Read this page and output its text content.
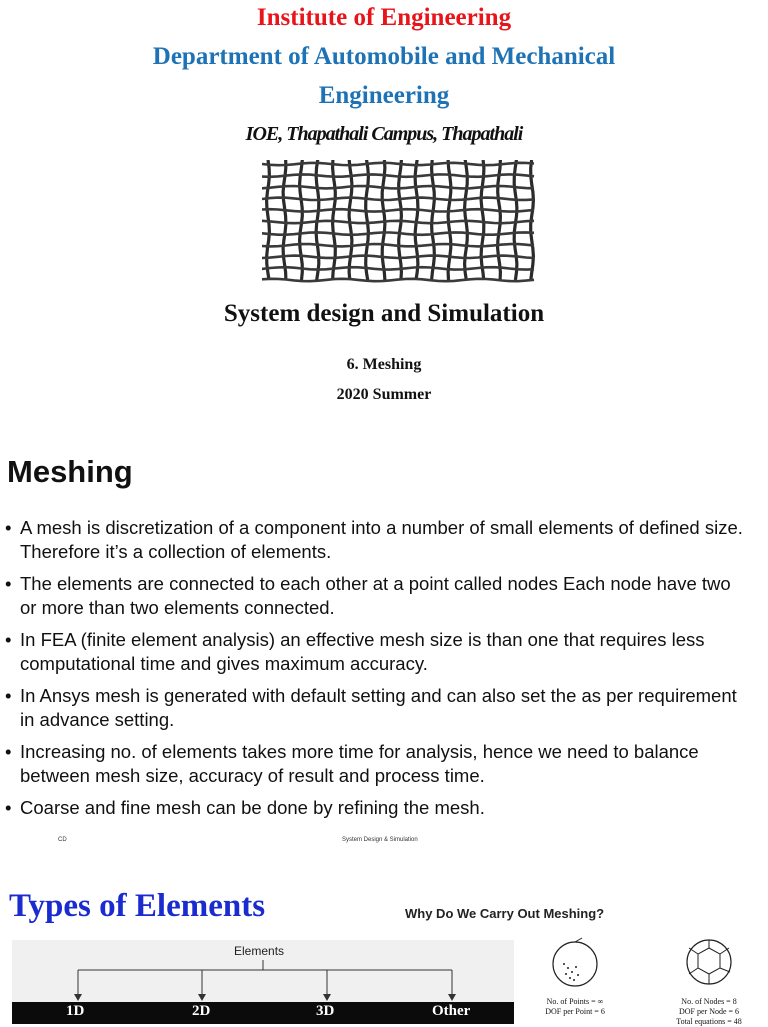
Institute of Engineering
Department of Automobile and Mechanical
Engineering
IOE, Thapathali Campus, Thapathali
System design and Simulation
6. Meshing
2020 Summer
Meshing
• A mesh is discretization of a component into a number of small elements of defined size. Therefore it’s a collection of elements.
• The elements are connected to each other at a point called nodes Each node have two or more than two elements connected.
• In FEA (finite element analysis) an effective mesh size is than one that requires less computational time and gives maximum accuracy.
• In Ansys mesh is generated with default setting and can also set the as per requirement in advance setting.
• Increasing no. of elements takes more time for analysis, hence we need to balance between mesh size, accuracy of result and process time.
• Coarse and fine mesh can be done by refining the mesh.
CD	System Design & Simulation
Types of Elements	Why Do We Carry Out Meshing?
Elements
1D	2D	3D	Other
No. of Points = ∞
DOF per Point = 6
No. of Nodes = 8
DOF per Node = 6
Total equations = 48
